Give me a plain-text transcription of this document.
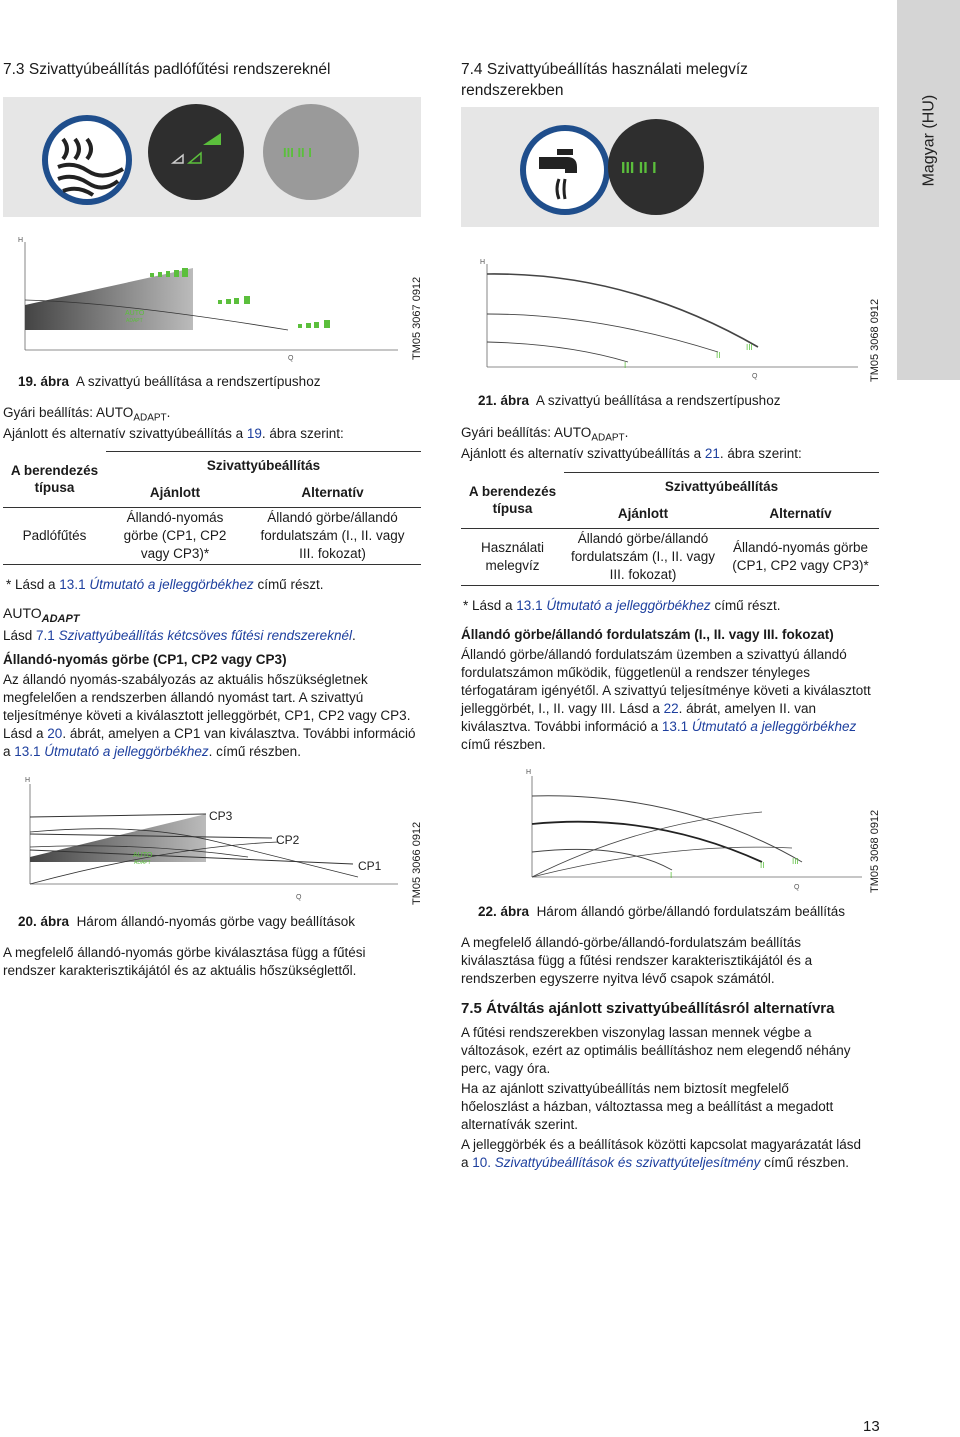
Magyar (HU)
7.3 Szivattyúbeállítás padlófűtési rendszereknél
III II I
H
Q
AUTO
ADAPT	TM05 3067 0912
19. ábra A szivattyú beállítása a rendszertípushoz
Gyári beállítás: $AUTO_{ADAPT}$.
Ajánlott és alternatív szivattyúbeállítás a 19. ábra szerint:
A berendezés típusa	Szivattyúbeállítás	
	Ajánlott	Alternatív

Padlófűtés	Állandó-nyomás görbe (CP1, CP2 vagy CP3)*	Állandó görbe/állandó fordulatszám (I., II. vagy III. fokozat)

* Lásd a 13.1 Útmutató a jelleggörbékhez című részt.
$AUTO_{ADAPT}$
Lásd 7.1 Szivattyúbeállítás kétcsöves fűtési rendszereknél.
Állandó-nyomás görbe (CP1, CP2 vagy CP3)
Az állandó nyomás-szabályozás az aktuális hőszükségletnek megfelelően a rendszerben állandó nyomást tart. A szivattyú teljesítménye követi a kiválasztott jelleggörbét, CP1, CP2 vagy CP3. Lásd a 20. ábrát, amelyen a CP1 van kiválasztva. További információ a 13.1 Útmutató a jelleggörbékhez. című részben.
H
Q
CP3
CP2
CP1
AUTO
ADAPT	TM05 3066 0912
20. ábra Három állandó-nyomás görbe vagy beállítások
A megfelelő állandó-nyomás görbe kiválasztása függ a fűtési rendszer karakterisztikájától és az aktuális hőszükséglettől.
7.4 Szivattyúbeállítás használati melegvíz rendszerekben
III II I
H
Q
I
II
III	TM05 3068 0912
21. ábra A szivattyú beállítása a rendszertípushoz
Gyári beállítás: $AUTO_{ADAPT}$.
Ajánlott és alternatív szivattyúbeállítás a 21. ábra szerint:
A berendezés típusa	Szivattyúbeállítás	
	Ajánlott	Alternatív

Használati melegvíz	Állandó görbe/állandó fordulatszám (I., II. vagy III. fokozat)	Állandó-nyomás görbe (CP1, CP2 vagy CP3)*

* Lásd a 13.1 Útmutató a jelleggörbékhez című részt.
Állandó görbe/állandó fordulatszám (I., II. vagy III. fokozat)
Állandó görbe/állandó fordulatszám üzemben a szivattyú állandó fordulatszámon működik, függetlenül a rendszer tényleges térfogatáram igényétől. A szivattyú teljesítménye követi a kiválasztott jelleggörbét, I., II. vagy III. Lásd a 22. ábrát, amelyen II. van kiválasztva. További információ a 13.1 Útmutató a jelleggörbékhez című részben.
H
Q
I
II	III	TM05 3068 0912
22. ábra Három állandó görbe/állandó fordulatszám beállítás
A megfelelő állandó-görbe/állandó-fordulatszám beállítás kiválasztása függ a fűtési rendszer karakterisztikájától és a rendszerben egyszerre nyitva lévő csapok számától.
7.5 Átváltás ajánlott szivattyúbeállításról alternatívra
A fűtési rendszerekben viszonylag lassan mennek végbe a változások, ezért az optimális beállításhoz nem elegendő néhány perc, vagy óra.
Ha az ajánlott szivattyúbeállítás nem biztosít megfelelő hőeloszlást a házban, változtassa meg a beállítást a megadott alternatívák szerint.
A jelleggörbék és a beállítások közötti kapcsolat magyarázatát lásd a 10. Szivattyúbeállítások és szivattyúteljesítmény című részben.
13
